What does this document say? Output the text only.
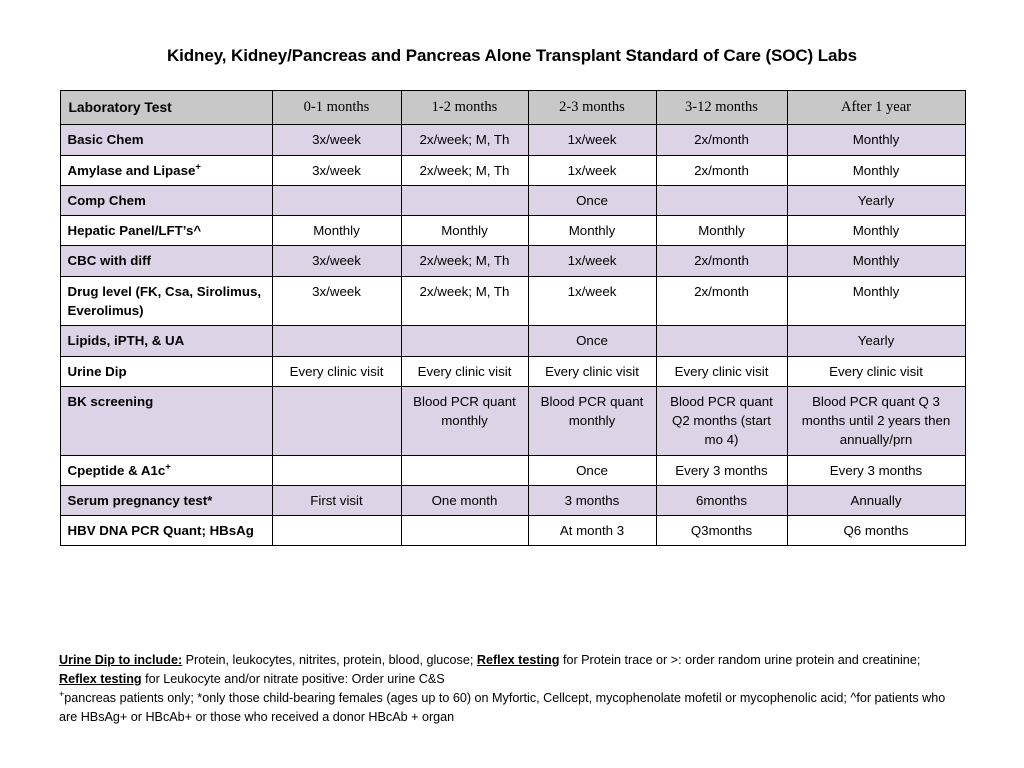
Kidney, Kidney/Pancreas and Pancreas Alone Transplant Standard of Care (SOC) Labs
Laboratory Test	0-1 months	1-2 months	2-3 months	3-12 months	After 1 year
Basic Chem	3x/week	2x/week; M, Th	1x/week	2x/month	Monthly
Amylase and Lipase+	3x/week	2x/week; M, Th	1x/week	2x/month	Monthly
Comp Chem			Once		Yearly
Hepatic Panel/LFT’s^	Monthly	Monthly	Monthly	Monthly	Monthly
CBC with diff	3x/week	2x/week; M, Th	1x/week	2x/month	Monthly
Drug level (FK, Csa, Sirolimus, Everolimus)	3x/week	2x/week; M, Th	1x/week	2x/month	Monthly
Lipids, iPTH, & UA			Once		Yearly
Urine Dip	Every clinic visit	Every clinic visit	Every clinic visit	Every clinic visit	Every clinic visit
BK screening		Blood PCR quant monthly	Blood PCR quant monthly	Blood PCR quant Q2 months (start mo 4)	Blood PCR quant Q 3 months until 2 years then annually/prn
Cpeptide & A1c+			Once	Every 3 months	Every 3 months
Serum pregnancy test*	First visit	One month	3 months	6months	Annually
HBV DNA PCR Quant; HBsAg			At month 3	Q3months	Q6 months

Urine Dip to include: Protein, leukocytes, nitrites, protein, blood, glucose; Reflex testing for Protein trace or >: order random urine protein and creatinine; Reflex testing for Leukocyte and/or nitrate positive: Order urine C&S

+pancreas patients only; *only those child-bearing females (ages up to 60) on Myfortic, Cellcept, mycophenolate mofetil or mycophenolic acid; ^for patients who are HBsAg+ or HBcAb+ or those who received a donor HBcAb + organ
